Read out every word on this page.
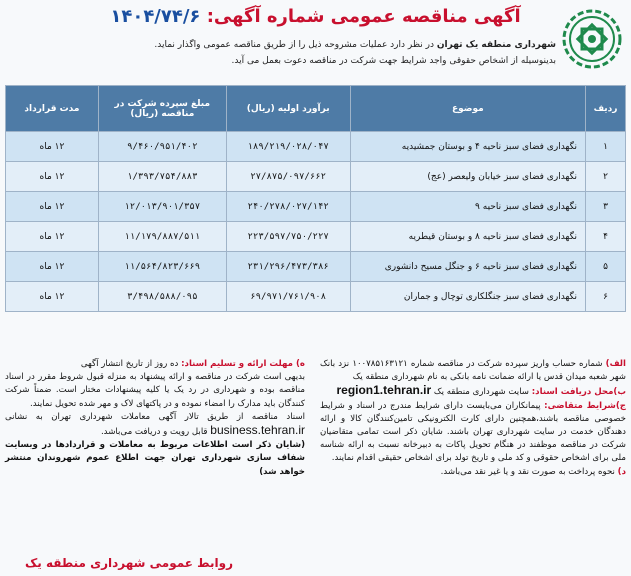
آگهی مناقصه عمومی شماره آگهی: ۱۴۰۴/۷۴/۶
شهرداری منطقه یک تهران در نظر دارد عملیات مشروحه ذیل را از طریق مناقصه عمومی واگذار نماید.
بدینوسیله از اشخاص حقوقی واجد شرایط جهت شرکت در مناقصه دعوت بعمل می آید.
ردیف	موضوع	برآورد اولیه (ریال)	مبلغ سپرده شرکت در مناقصه (ریال)	مدت قرارداد
۱	نگهداری فضای سبز ناحیه ۴ و بوستان جمشیدیه	۱۸۹/۲۱۹/۰۲۸/۰۴۷	۹/۴۶۰/۹۵۱/۴۰۲	۱۲ ماه
۲	نگهداری فضای سبز خیابان ولیعصر (عج)	۲۷/۸۷۵/۰۹۷/۶۶۲	۱/۳۹۳/۷۵۴/۸۸۳	۱۲ ماه
۳	نگهداری فضای سبز ناحیه ۹	۲۴۰/۲۷۸/۰۲۷/۱۴۲	۱۲/۰۱۳/۹۰۱/۳۵۷	۱۲ ماه
۴	نگهداری فضای سبز ناحیه ۸ و بوستان قیطریه	۲۲۳/۵۹۷/۷۵۰/۲۲۷	۱۱/۱۷۹/۸۸۷/۵۱۱	۱۲ ماه
۵	نگهداری فضای سبز ناحیه ۶ و جنگل مسیح دانشوری	۲۳۱/۲۹۶/۴۷۳/۳۸۶	۱۱/۵۶۴/۸۲۳/۶۶۹	۱۲ ماه
۶	نگهداری فضای سبز جنگلکاری توچال و جماران	۶۹/۹۷۱/۷۶۱/۹۰۸	۳/۴۹۸/۵۸۸/۰۹۵	۱۲ ماه
الف) شماره حساب واریز سپرده شرکت در مناقصه شماره ۱۰۰۷۸۵۱۶۳۱۲۱ نزد بانک شهر شعبه میدان قدس یا ارائه ضمانت نامه بانکی به نام شهرداری منطقه یک
ب)محل دریافت اسناد: سایت شهرداری منطقه یک region1.tehran.ir
ج)شرایط متقاضی: پیمانکاران می‌بایست دارای شرایط مندرج در اسناد و شرایط خصوصی مناقصه باشند،همچنین دارای کارت الکترونیکی تامین‌کنندگان کالا و ارائه دهندگان خدمت در سایت شهرداری تهران باشند. شایان ذکر است تمامی متقاضیان شرکت در مناقصه موظفند در هنگام تحویل پاکات به دبیرخانه نسبت به ارائه شناسه ملی برای اشخاص حقوقی و کد ملی و تاریخ تولد برای اشخاص حقیقی اقدام نمایند.
د) نحوه پرداخت به صورت نقد و یا غیر نقد می‌باشد.
ه) مهلت ارائه و تسلیم اسناد: ده روز از تاریخ انتشار آگهی
بدیهی است شرکت در مناقصه و ارائه پیشنهاد به منزله قبول شروط مقرر در اسناد مناقصه بوده و شهرداری در رد یک یا کلیه پیشنهادات مختار است. ضمناً شرکت کنندگان باید مدارک را امضاء نموده و در پاکتهای لاک و مهر شده تحویل نمایند.
اسناد مناقصه از طریق تالار آگهی معاملات شهرداری تهران به نشانی business.tehran.ir قابل رویت و دریافت می‌باشد.
(شایان ذکر است اطلاعات مربوط به معاملات و قراردادها در وبسایت شفاف سازی شهرداری تهران جهت اطلاع عموم شهروندان منتشر خواهد شد)
روابط عمومی شهرداری منطقه یک
